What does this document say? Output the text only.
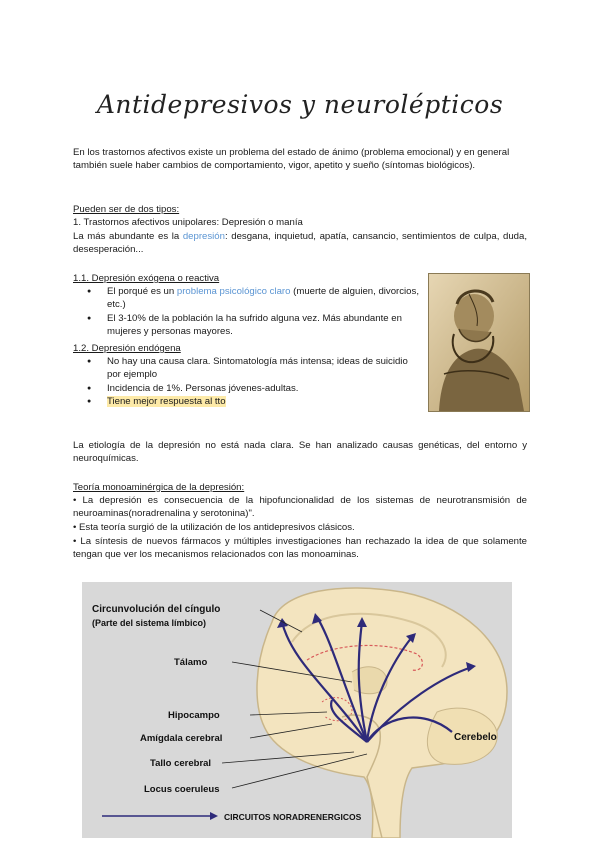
Antidepresivos y neurolépticos

En los trastornos afectivos existe un problema del estado de ánimo (problema emocional) y en general también suele haber cambios de comportamiento, vigor, apetito y sueño (síntomas biológicos).

Pueden ser de dos tipos:

1. Trastornos afectivos unipolares: Depresión o manía

La más abundante es la depresión: desgana, inquietud, apatía, cansancio, sentimientos de culpa, duda, desesperación...

1.1. Depresión exógena o reactiva

● El porqué es un problema psicológico claro (muerte de alguien, divorcios, etc.)
● El 3-10% de la población la ha sufrido alguna vez. Más abundante en mujeres y personas mayores.

1.2. Depresión endógena

● No hay una causa clara. Sintomatología más intensa; ideas de suicidio por ejemplo
● Incidencia de 1%. Personas jóvenes-adultas.
● Tiene mejor respuesta al tto

La etiología de la depresión no está nada clara. Se han analizado causas genéticas, del entorno y neuroquímicas.

Teoría monoaminérgica de la depresión:

• La depresión es consecuencia de la hipofuncionalidad de los sistemas de neurotransmisión de neuroaminas(noradrenalina y serotonina)".

• Esta teoría surgió de la utilización de los antidepresivos clásicos.

• La síntesis de nuevos fármacos y múltiples investigaciones han rechazado la idea de que solamente tengan que ver los mecanismos relacionados con las monoaminas.

Circunvolución del cíngulo
(Parte del sistema límbico)
Tálamo
Hipocampo
Amígdala cerebral
Tallo cerebral
Locus coeruleus
Cerebelo
CIRCUITOS NORADRENERGICOS
